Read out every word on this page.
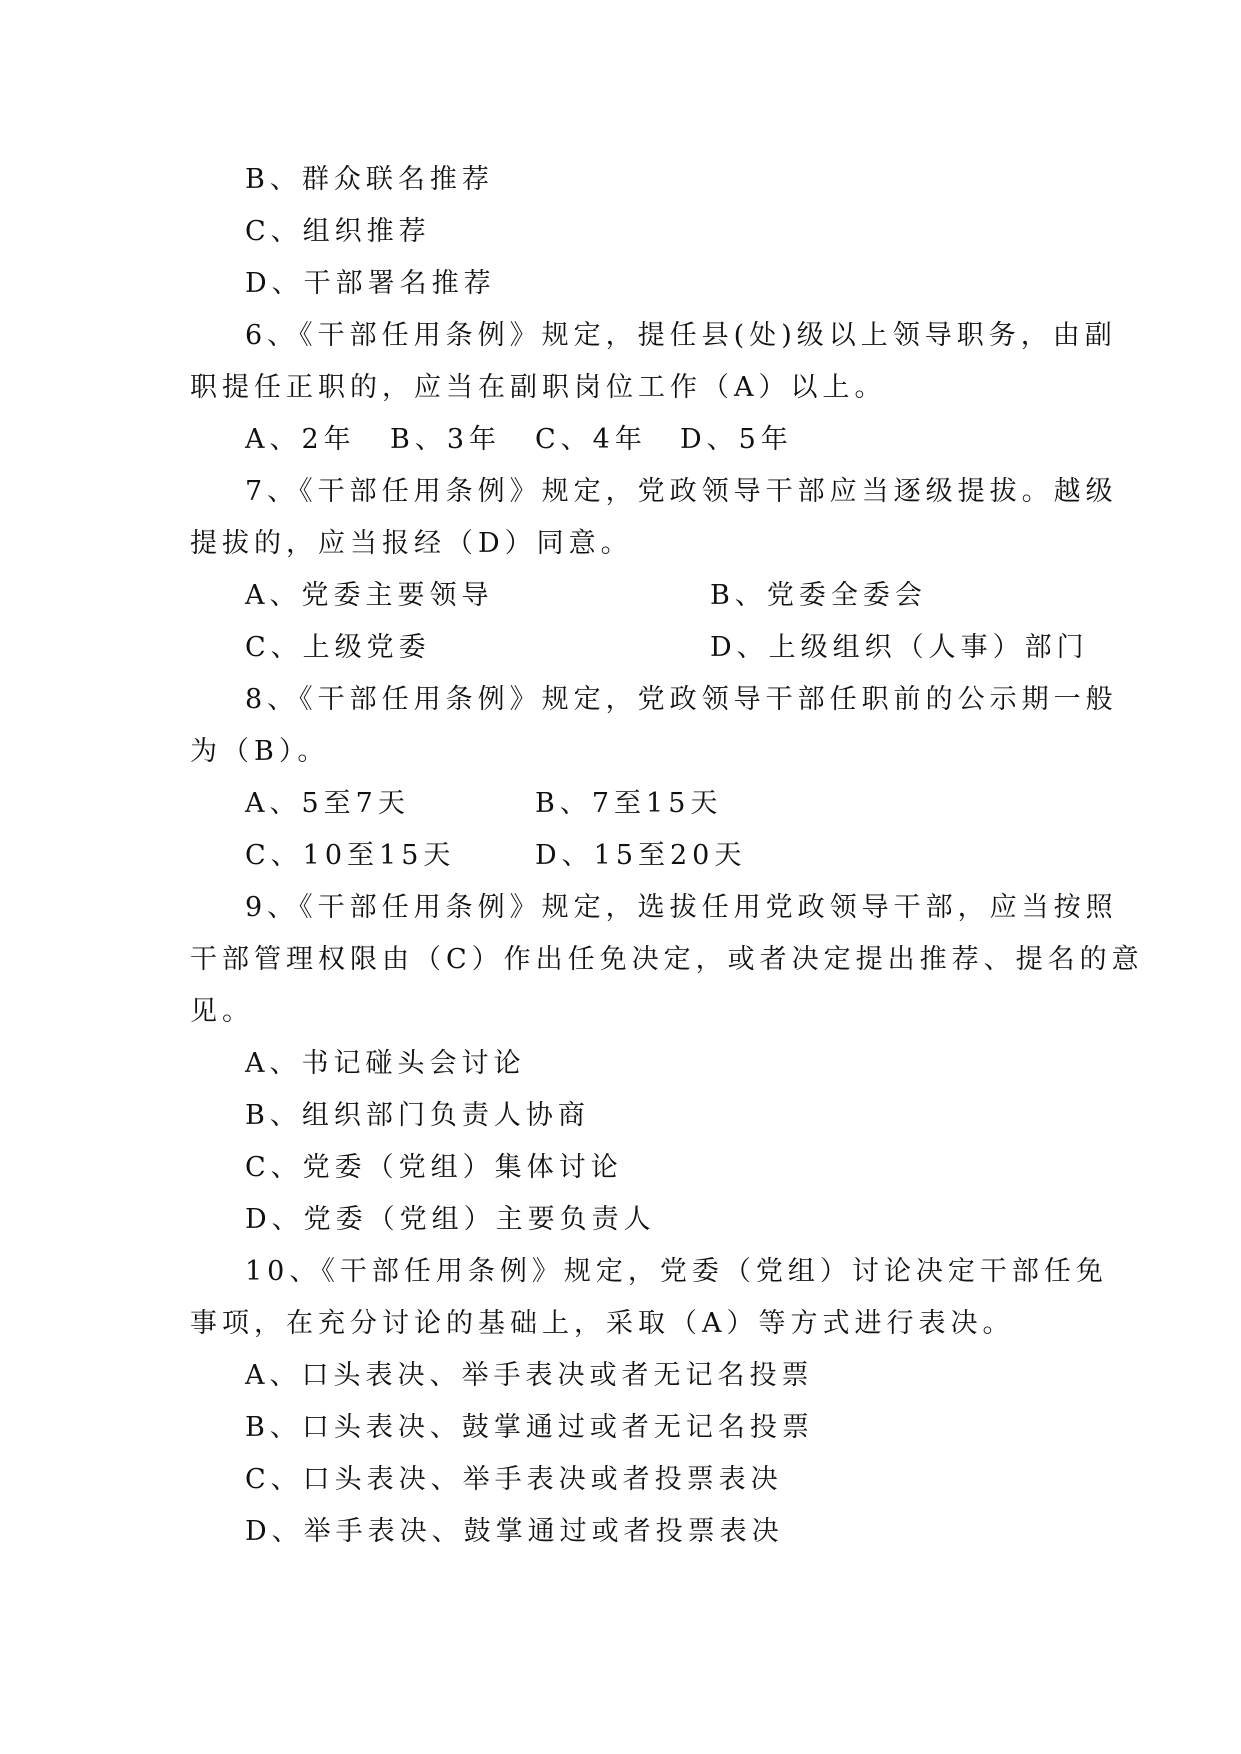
B、群众联名推荐
C、组织推荐
D、干部署名推荐
6、《干部任用条例》规定，提任县(处)级以上领导职务，由副
职提任正职的，应当在副职岗位工作（A）以上。
A、2年 B、3年 C、4年 D、5年
7、《干部任用条例》规定，党政领导干部应当逐级提拔。越级
提拔的，应当报经（D）同意。
A、党委主要领导	B、党委全委会
C、上级党委	D、上级组织（人事）部门
8、《干部任用条例》规定，党政领导干部任职前的公示期一般
为（B）。
A、5至7天	B、7至15天
C、10至15天	D、15至20天
9、《干部任用条例》规定，选拔任用党政领导干部，应当按照
干部管理权限由（C）作出任免决定，或者决定提出推荐、提名的意
见。
A、书记碰头会讨论
B、组织部门负责人协商
C、党委（党组）集体讨论
D、党委（党组）主要负责人
10、《干部任用条例》规定，党委（党组）讨论决定干部任免
事项，在充分讨论的基础上，采取（A）等方式进行表决。
A、口头表决、举手表决或者无记名投票
B、口头表决、鼓掌通过或者无记名投票
C、口头表决、举手表决或者投票表决
D、举手表决、鼓掌通过或者投票表决
